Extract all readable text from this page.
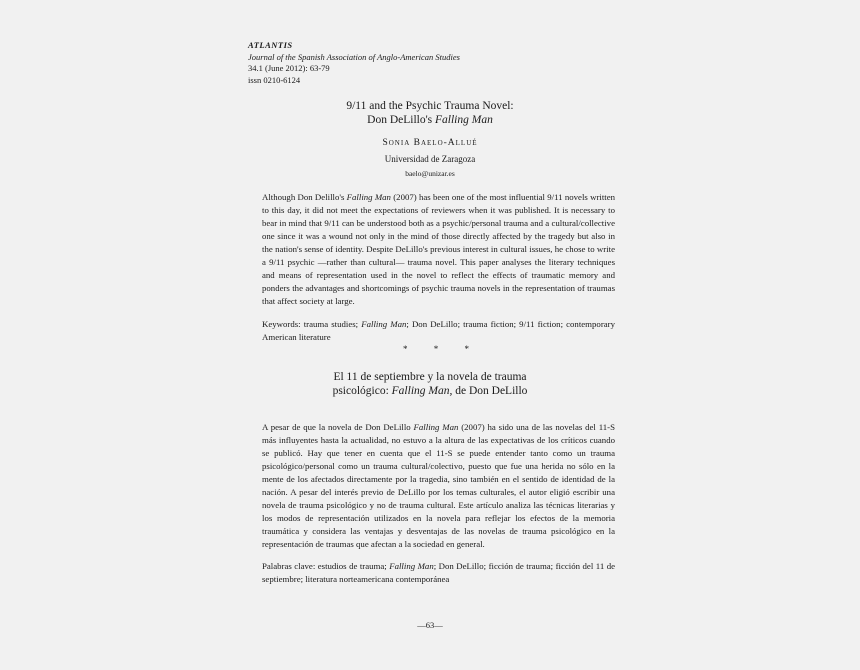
ATLANTIS
Journal of the Spanish Association of Anglo-American Studies
34.1 (June 2012): 63-79
issn 0210-6124
9/11 and the Psychic Trauma Novel:
Don DeLillo's Falling Man
Sonia Baelo-Allué
Universidad de Zaragoza
baelo@unizar.es
Although Don Delillo's Falling Man (2007) has been one of the most influential 9/11 novels written to this day, it did not meet the expectations of reviewers when it was published. It is necessary to bear in mind that 9/11 can be understood both as a psychic/personal trauma and a cultural/collective one since it was a wound not only in the mind of those directly affected by the tragedy but also in the nation's sense of identity. Despite DeLillo's previous interest in cultural issues, he chose to write a 9/11 psychic —rather than cultural— trauma novel. This paper analyses the literary techniques and means of representation used in the novel to reflect the effects of traumatic memory and ponders the advantages and shortcomings of psychic trauma novels in the representation of traumas that affect society at large.
Keywords: trauma studies; Falling Man; Don DeLillo; trauma fiction; 9/11 fiction; contemporary American literature
* * *
El 11 de septiembre y la novela de trauma
psicológico: Falling Man, de Don DeLillo
A pesar de que la novela de Don DeLillo Falling Man (2007) ha sido una de las novelas del 11-S más influyentes hasta la actualidad, no estuvo a la altura de las expectativas de los críticos cuando se publicó. Hay que tener en cuenta que el 11-S se puede entender tanto como un trauma psicológico/personal como un trauma cultural/colectivo, puesto que fue una herida no sólo en la mente de los afectados directamente por la tragedia, sino también en el sentido de identidad de la nación. A pesar del interés previo de DeLillo por los temas culturales, el autor eligió escribir una novela de trauma psicológico y no de trauma cultural. Este artículo analiza las técnicas literarias y los modos de representación utilizados en la novela para reflejar los efectos de la memoria traumática y considera las ventajas y desventajas de las novelas de trauma psicológico en la representación de traumas que afectan a la sociedad en general.
Palabras clave: estudios de trauma; Falling Man; Don DeLillo; ficción de trauma; ficción del 11 de septiembre; literatura norteamericana contemporánea
—63—
